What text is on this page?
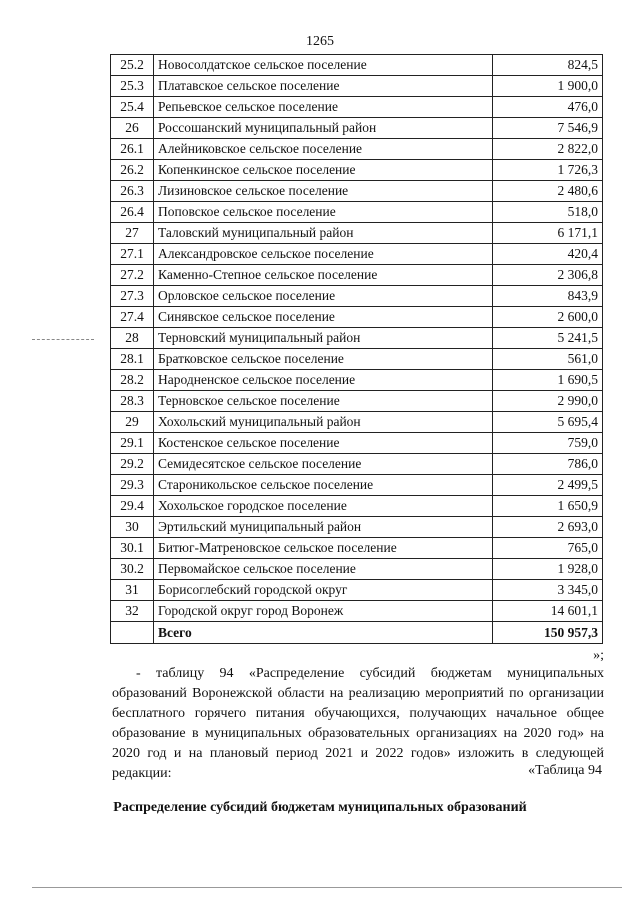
1265
25.2	Новосолдатское сельское поселение	824,5
25.3	Платавское сельское поселение	1 900,0
25.4	Репьевское сельское поселение	476,0
26	Россошанский муниципальный район	7 546,9
26.1	Алейниковское сельское поселение	2 822,0
26.2	Копенкинское сельское поселение	1 726,3
26.3	Лизиновское сельское поселение	2 480,6
26.4	Поповское сельское поселение	518,0
27	Таловский муниципальный район	6 171,1
27.1	Александровское сельское поселение	420,4
27.2	Каменно-Степное сельское поселение	2 306,8
27.3	Орловское сельское поселение	843,9
27.4	Синявское сельское поселение	2 600,0
28	Терновский муниципальный район	5 241,5
28.1	Братковское сельское поселение	561,0
28.2	Народненское сельское поселение	1 690,5
28.3	Терновское сельское поселение	2 990,0
29	Хохольский муниципальный район	5 695,4
29.1	Костенское сельское поселение	759,0
29.2	Семидесятское сельское поселение	786,0
29.3	Староникольское сельское поселение	2 499,5
29.4	Хохольское городское поселение	1 650,9
30	Эртильский муниципальный район	2 693,0
30.1	Битюг-Матреновское сельское поселение	765,0
30.2	Первомайское сельское поселение	1 928,0
31	Борисоглебский городской округ	3 345,0
32	Городской округ город Воронеж	14 601,1
	Всего	150 957,3
»;
- таблицу 94 «Распределение субсидий бюджетам муниципальных образований Воронежской области на реализацию мероприятий по организации бесплатного горячего питания обучающихся, получающих начальное общее образование в муниципальных образовательных организациях на 2020 год» на 2020 год и на плановый период 2021 и 2022 годов» изложить в следующей редакции:	«Таблица 94
Распределение субсидий бюджетам муниципальных образований
